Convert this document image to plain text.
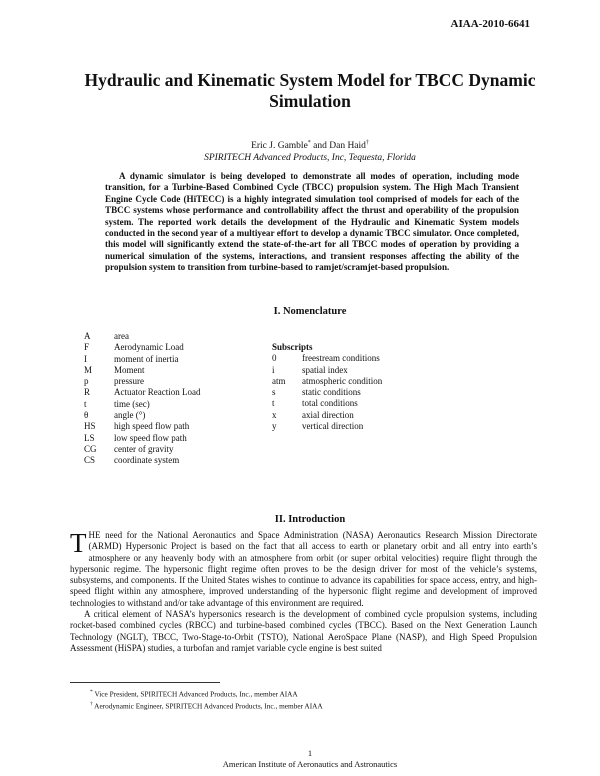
AIAA-2010-6641
Hydraulic and Kinematic System Model for TBCC Dynamic Simulation
Eric J. Gamble* and Dan Haid†
SPIRITECH Advanced Products, Inc, Tequesta, Florida

A dynamic simulator is being developed to demonstrate all modes of operation, including mode transition, for a Turbine-Based Combined Cycle (TBCC) propulsion system. The High Mach Transient Engine Cycle Code (HiTECC) is a highly integrated simulation tool comprised of models for each of the TBCC systems whose performance and controllability affect the thrust and operability of the propulsion system. The reported work details the development of the Hydraulic and Kinematic System models conducted in the second year of a multiyear effort to develop a dynamic TBCC simulator. Once completed, this model will significantly extend the state-of-the-art for all TBCC modes of operation by providing a numerical simulation of the systems, interactions, and transient responses affecting the ability of the propulsion system to transition from turbine-based to ramjet/scramjet-based propulsion.

I. Nomenclature
A	area
F	Aerodynamic Load
I	moment of inertia
M	Moment
p	pressure
R	Actuator Reaction Load
t	time (sec)
θ	angle (°)
HS	high speed flow path
LS	low speed flow path
CG	center of gravity
CS	coordinate system
Subscripts
0	freestream conditions
i	spatial index
atm	atmospheric condition
s	static conditions
t	total conditions
x	axial direction
y	vertical direction
II. Introduction

THE need for the National Aeronautics and Space Administration (NASA) Aeronautics Research Mission Directorate (ARMD) Hypersonic Project is based on the fact that all access to earth or planetary orbit and all entry into earth’s atmosphere or any heavenly body with an atmosphere from orbit (or super orbital velocities) require flight through the hypersonic regime. The hypersonic flight regime often proves to be the design driver for most of the vehicle’s systems, subsystems, and components. If the United States wishes to continue to advance its capabilities for space access, entry, and high-speed flight within any atmosphere, improved understanding of the hypersonic flight regime and development of improved technologies to withstand and/or take advantage of this environment are required.

A critical element of NASA’s hypersonics research is the development of combined cycle propulsion systems, including rocket-based combined cycles (RBCC) and turbine-based combined cycles (TBCC). Based on the Next Generation Launch Technology (NGLT), TBCC, Two-Stage-to-Orbit (TSTO), National AeroSpace Plane (NASP), and High Speed Propulsion Assessment (HiSPA) studies, a turbofan and ramjet variable cycle engine is best suited

* Vice President, SPIRITECH Advanced Products, Inc., member AIAA
† Aerodynamic Engineer, SPIRITECH Advanced Products, Inc., member AIAA
1
American Institute of Aeronautics and Astronautics
